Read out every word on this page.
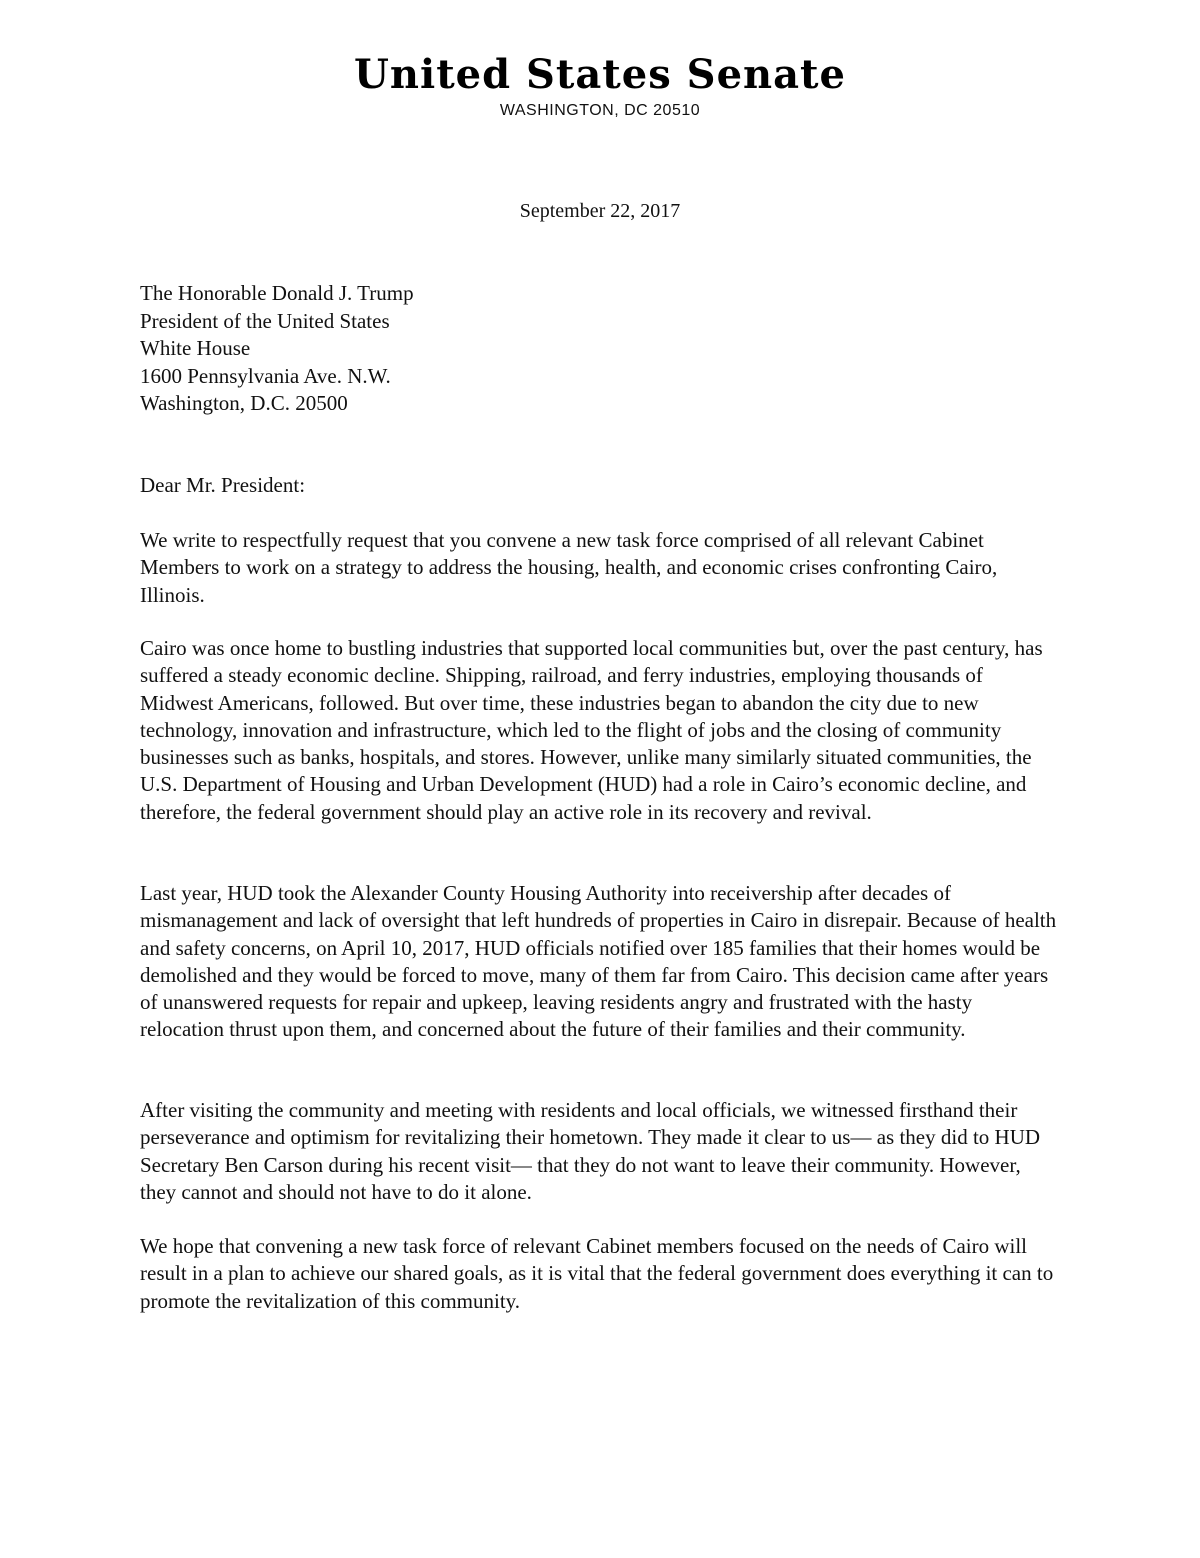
United States Senate
WASHINGTON, DC 20510
September 22, 2017
The Honorable Donald J. Trump
President of the United States
White House
1600 Pennsylvania Ave. N.W.
Washington, D.C. 20500
Dear Mr. President:

We write to respectfully request that you convene a new task force comprised of all relevant Cabinet Members to work on a strategy to address the housing, health, and economic crises confronting Cairo, Illinois.

Cairo was once home to bustling industries that supported local communities but, over the past century, has suffered a steady economic decline. Shipping, railroad, and ferry industries, employing thousands of Midwest Americans, followed. But over time, these industries began to abandon the city due to new technology, innovation and infrastructure, which led to the flight of jobs and the closing of community businesses such as banks, hospitals, and stores. However, unlike many similarly situated communities, the U.S. Department of Housing and Urban Development (HUD) had a role in Cairo’s economic decline, and therefore, the federal government should play an active role in its recovery and revival.

Last year, HUD took the Alexander County Housing Authority into receivership after decades of mismanagement and lack of oversight that left hundreds of properties in Cairo in disrepair. Because of health and safety concerns, on April 10, 2017, HUD officials notified over 185 families that their homes would be demolished and they would be forced to move, many of them far from Cairo. This decision came after years of unanswered requests for repair and upkeep, leaving residents angry and frustrated with the hasty relocation thrust upon them, and concerned about the future of their families and their community.

After visiting the community and meeting with residents and local officials, we witnessed firsthand their perseverance and optimism for revitalizing their hometown. They made it clear to us— as they did to HUD Secretary Ben Carson during his recent visit— that they do not want to leave their community. However, they cannot and should not have to do it alone.

We hope that convening a new task force of relevant Cabinet members focused on the needs of Cairo will result in a plan to achieve our shared goals, as it is vital that the federal government does everything it can to promote the revitalization of this community.
